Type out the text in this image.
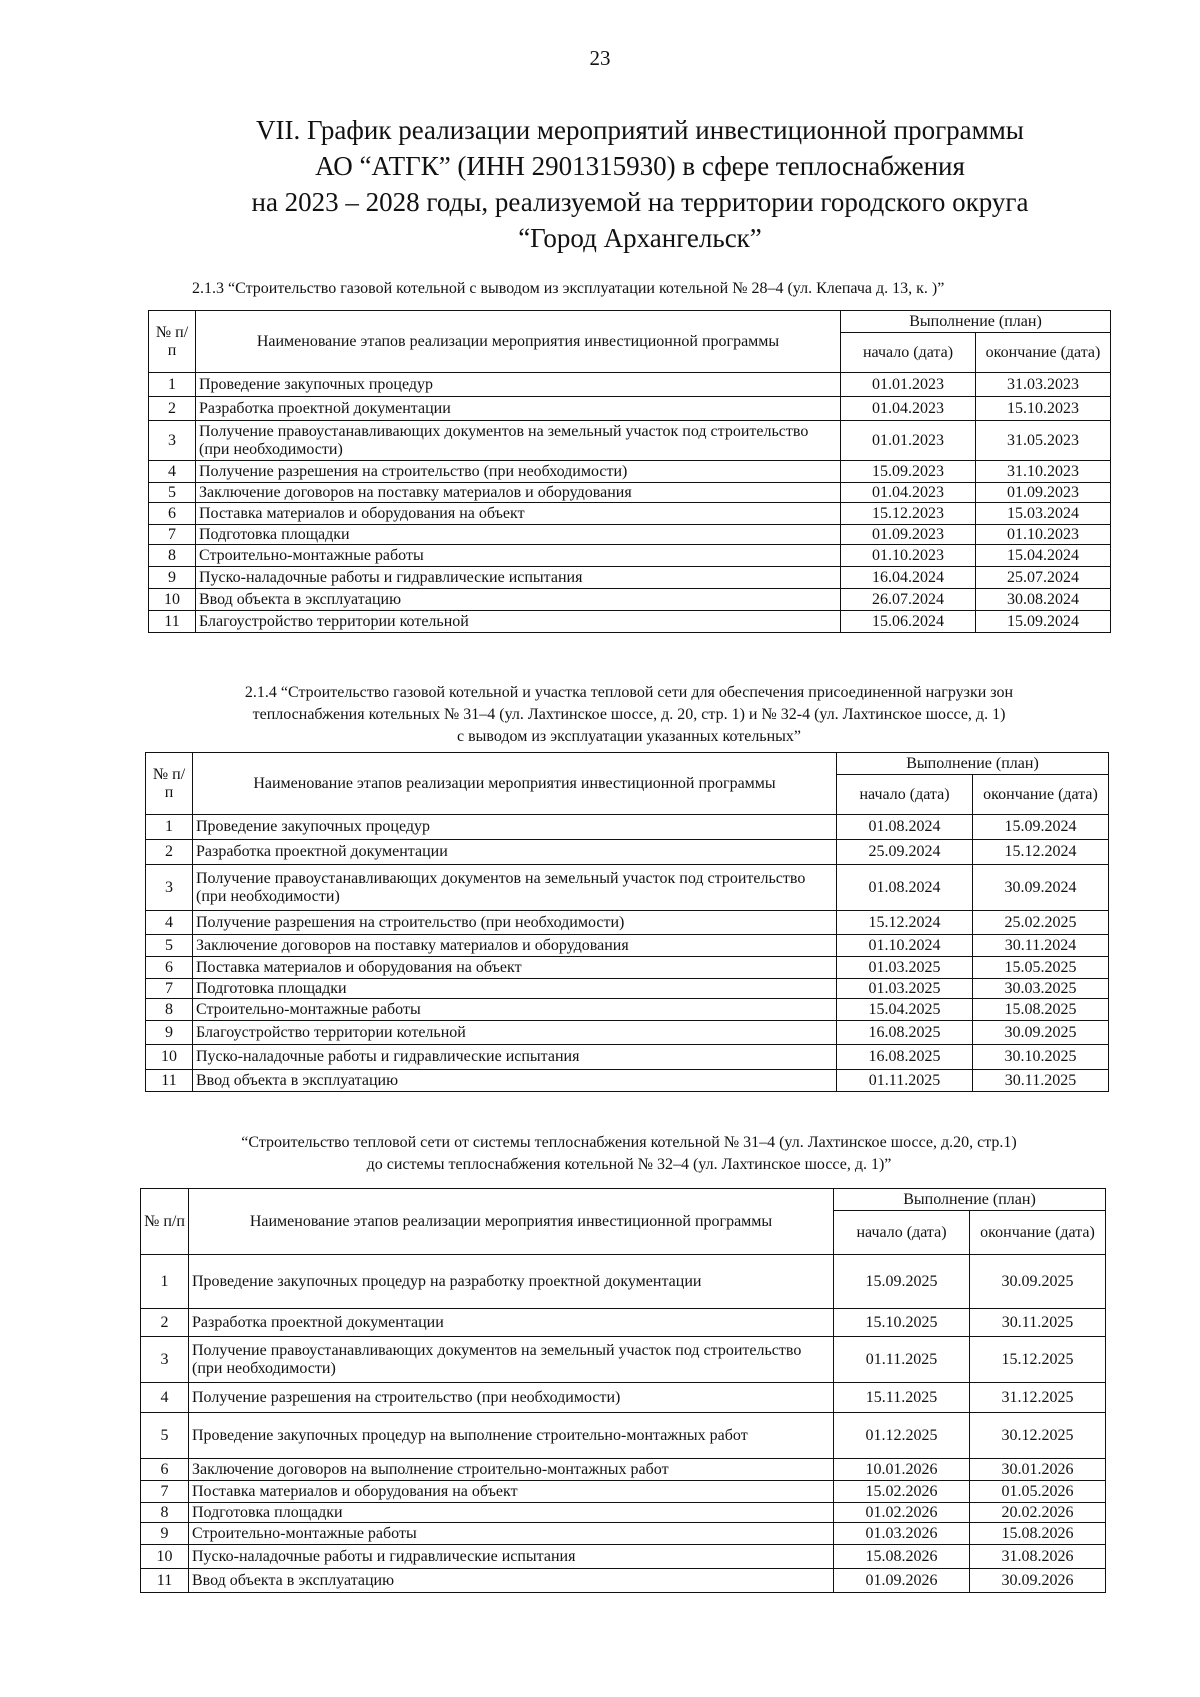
23
VII. График реализации мероприятий инвестиционной программы
АО “АТГК” (ИНН 2901315930) в сфере теплоснабжения
на 2023 – 2028 годы, реализуемой на территории городского округа
“Город Архангельск”
2.1.3 “Строительство газовой котельной с выводом из эксплуатации котельной № 28–4 (ул. Клепача д. 13, к. )”
№ п/п	Наименование этапов реализации мероприятия инвестиционной программы	Выполнение (план)	
		начало (дата)	окончание (дата)
1	Проведение закупочных процедур	01.01.2023	31.03.2023
2	Разработка проектной документации	01.04.2023	15.10.2023
3	Получение правоустанавливающих документов на земельный участок под строительство (при необходимости)	01.01.2023	31.05.2023
4	Получение разрешения на строительство (при необходимости)	15.09.2023	31.10.2023
5	Заключение договоров на поставку материалов и оборудования	01.04.2023	01.09.2023
6	Поставка материалов и оборудования на объект	15.12.2023	15.03.2024
7	Подготовка площадки	01.09.2023	01.10.2023
8	Строительно-монтажные работы	01.10.2023	15.04.2024
9	Пуско-наладочные работы и гидравлические испытания	16.04.2024	25.07.2024
10	Ввод объекта в эксплуатацию	26.07.2024	30.08.2024
11	Благоустройство территории котельной	15.06.2024	15.09.2024
2.1.4 “Строительство газовой котельной и участка тепловой сети для обеспечения присоединенной нагрузки зон
теплоснабжения котельных № 31–4 (ул. Лахтинское шоссе, д. 20, стр. 1) и № 32-4 (ул. Лахтинское шоссе, д. 1)
с выводом из эксплуатации указанных котельных”
№ п/п	Наименование этапов реализации мероприятия инвестиционной программы	Выполнение (план)	
		начало (дата)	окончание (дата)
1	Проведение закупочных процедур	01.08.2024	15.09.2024
2	Разработка проектной документации	25.09.2024	15.12.2024
3	Получение правоустанавливающих документов на земельный участок под строительство (при необходимости)	01.08.2024	30.09.2024
4	Получение разрешения на строительство (при необходимости)	15.12.2024	25.02.2025
5	Заключение договоров на поставку материалов и оборудования	01.10.2024	30.11.2024
6	Поставка материалов и оборудования на объект	01.03.2025	15.05.2025
7	Подготовка площадки	01.03.2025	30.03.2025
8	Строительно-монтажные работы	15.04.2025	15.08.2025
9	Благоустройство территории котельной	16.08.2025	30.09.2025
10	Пуско-наладочные работы и гидравлические испытания	16.08.2025	30.10.2025
11	Ввод объекта в эксплуатацию	01.11.2025	30.11.2025
“Строительство тепловой сети от системы теплоснабжения котельной № 31–4 (ул. Лахтинское шоссе, д.20, стр.1)
до системы теплоснабжения котельной № 32–4 (ул. Лахтинское шоссе, д. 1)”
№ п/п	Наименование этапов реализации мероприятия инвестиционной программы	Выполнение (план)	
		начало (дата)	окончание (дата)
1	Проведение закупочных процедур на разработку проектной документации	15.09.2025	30.09.2025
2	Разработка проектной документации	15.10.2025	30.11.2025
3	Получение правоустанавливающих документов на земельный участок под строительство (при необходимости)	01.11.2025	15.12.2025
4	Получение разрешения на строительство (при необходимости)	15.11.2025	31.12.2025
5	Проведение закупочных процедур на выполнение строительно-монтажных работ	01.12.2025	30.12.2025
6	Заключение договоров на выполнение строительно-монтажных работ	10.01.2026	30.01.2026
7	Поставка материалов и оборудования на объект	15.02.2026	01.05.2026
8	Подготовка площадки	01.02.2026	20.02.2026
9	Строительно-монтажные работы	01.03.2026	15.08.2026
10	Пуско-наладочные работы и гидравлические испытания	15.08.2026	31.08.2026
11	Ввод объекта в эксплуатацию	01.09.2026	30.09.2026
